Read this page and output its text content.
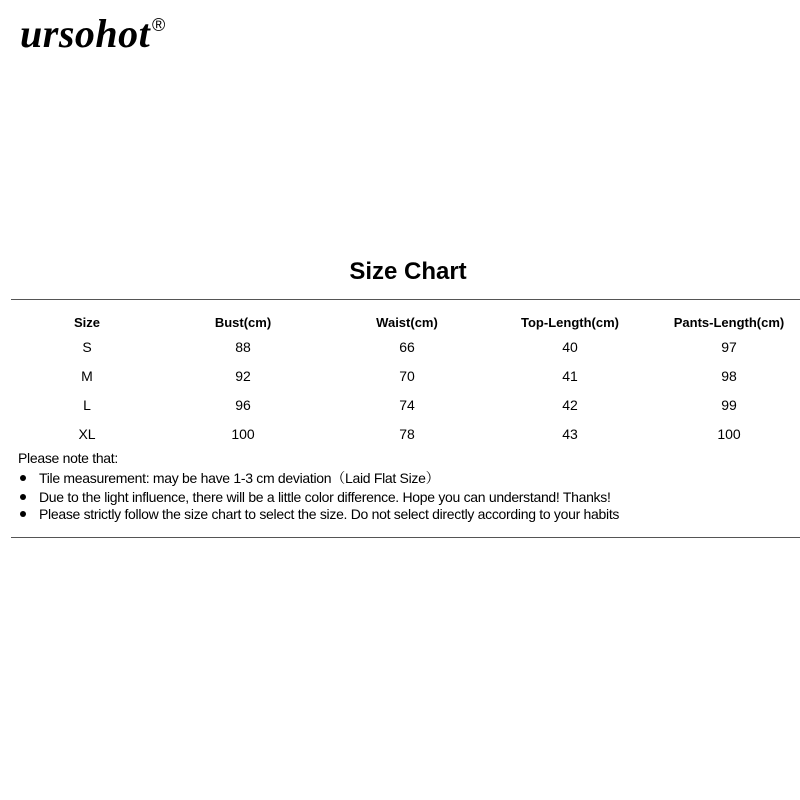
ursohot ®
Size Chart
Size	Bust(cm)	Waist(cm)	Top-Length(cm)	Pants-Length(cm)
S	88	66	40	97
M	92	70	41	98
L	96	74	42	99
XL	100	78	43	100
Please note that:
Tile measurement: may be have 1-3 cm deviation（Laid Flat Size）
Due to the light influence, there will be a little color difference. Hope you can understand! Thanks!
Please strictly follow the size chart to select the size. Do not select directly according to your habits
